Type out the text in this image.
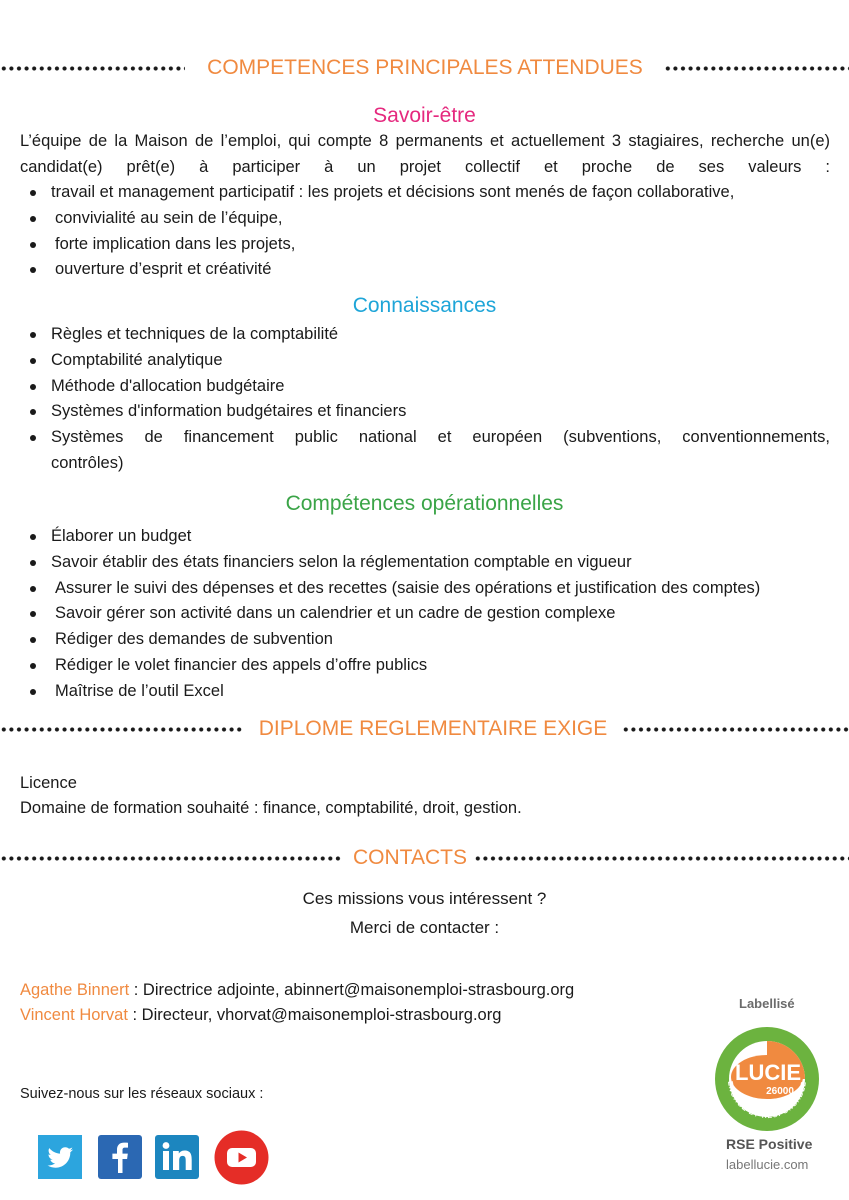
COMPETENCES PRINCIPALES ATTENDUES
Savoir-être
L’équipe de la Maison de l’emploi, qui compte 8 permanents et actuellement 3 stagiaires, recherche un(e) candidat(e) prêt(e) à participer à un projet collectif et proche de ses valeurs :
travail et management participatif : les projets et décisions sont menés de façon collaborative,
convivialité au sein de l’équipe,
forte implication dans les projets,
ouverture d’esprit et créativité
Connaissances
Règles et techniques de la comptabilité
Comptabilité analytique
Méthode d'allocation budgétaire
Systèmes d'information budgétaires et financiers
Systèmes de financement public national et européen (subventions, conventionnements,
contrôles)
Compétences opérationnelles
Élaborer un budget
Savoir établir des états financiers selon la réglementation comptable en vigueur
Assurer le suivi des dépenses et des recettes (saisie des opérations et justification des comptes)
Savoir gérer son activité dans un calendrier et un cadre de gestion complexe
Rédiger des demandes de subvention
Rédiger le volet financier des appels d’offre publics
Maîtrise de l’outil Excel
DIPLOME REGLEMENTAIRE EXIGE
Licence
Domaine de formation souhaité : finance, comptabilité, droit, gestion.
CONTACTS
Ces missions vous intéressent ?
Merci de contacter :
Agathe Binnert : Directrice adjointe, abinnert@maisonemploi-strasbourg.org
Vincent Horvat : Directeur, vhorvat@maisonemploi-strasbourg.org
Suivez-nous sur les réseaux sociaux :
Labellisé
LUCIE
26000
ENGAGÉ ET RESPONSABLE
RSE Positive
labellucie.com
